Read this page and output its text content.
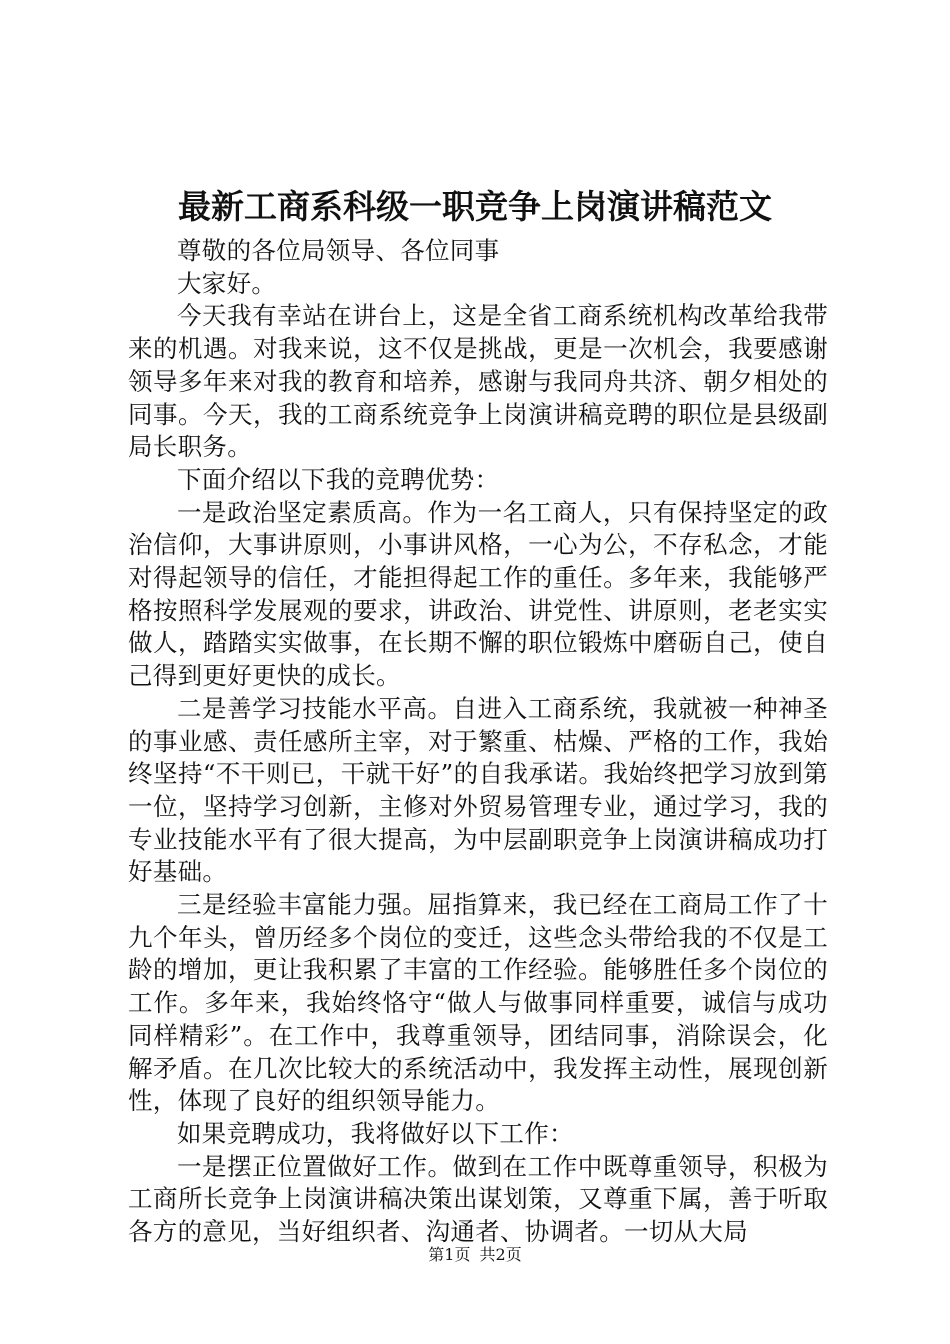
最新工商系科级一职竞争上岗演讲稿范文

尊敬的各位局领导、各位同事

大家好。

今天我有幸站在讲台上，这是全省工商系统机构改革给我带来的机遇。对我来说，这不仅是挑战，更是一次机会，我要感谢领导多年来对我的教育和培养，感谢与我同舟共济、朝夕相处的同事。今天，我的工商系统竞争上岗演讲稿竞聘的职位是县级副局长职务。

下面介绍以下我的竞聘优势：

一是政治坚定素质高。作为一名工商人，只有保持坚定的政治信仰，大事讲原则，小事讲风格，一心为公，不存私念，才能对得起领导的信任，才能担得起工作的重任。多年来，我能够严格按照科学发展观的要求，讲政治、讲党性、讲原则，老老实实做人，踏踏实实做事，在长期不懈的职位锻炼中磨砺自己，使自己得到更好更快的成长。

二是善学习技能水平高。自进入工商系统，我就被一种神圣的事业感、责任感所主宰，对于繁重、枯燥、严格的工作，我始终坚持“不干则已，干就干好”的自我承诺。我始终把学习放到第一位，坚持学习创新，主修对外贸易管理专业，通过学习，我的专业技能水平有了很大提高，为中层副职竞争上岗演讲稿成功打好基础。

三是经验丰富能力强。屈指算来，我已经在工商局工作了十九个年头，曾历经多个岗位的变迁，这些念头带给我的不仅是工龄的增加，更让我积累了丰富的工作经验。能够胜任多个岗位的工作。多年来，我始终恪守“做人与做事同样重要，诚信与成功同样精彩”。在工作中，我尊重领导，团结同事，消除误会，化解矛盾。在几次比较大的系统活动中，我发挥主动性，展现创新性，体现了良好的组织领导能力。

如果竞聘成功，我将做好以下工作：

一是摆正位置做好工作。做到在工作中既尊重领导，积极为工商所长竞争上岗演讲稿决策出谋划策，又尊重下属，善于听取各方的意见，当好组织者、沟通者、协调者。一切从大局

第1页 共2页
